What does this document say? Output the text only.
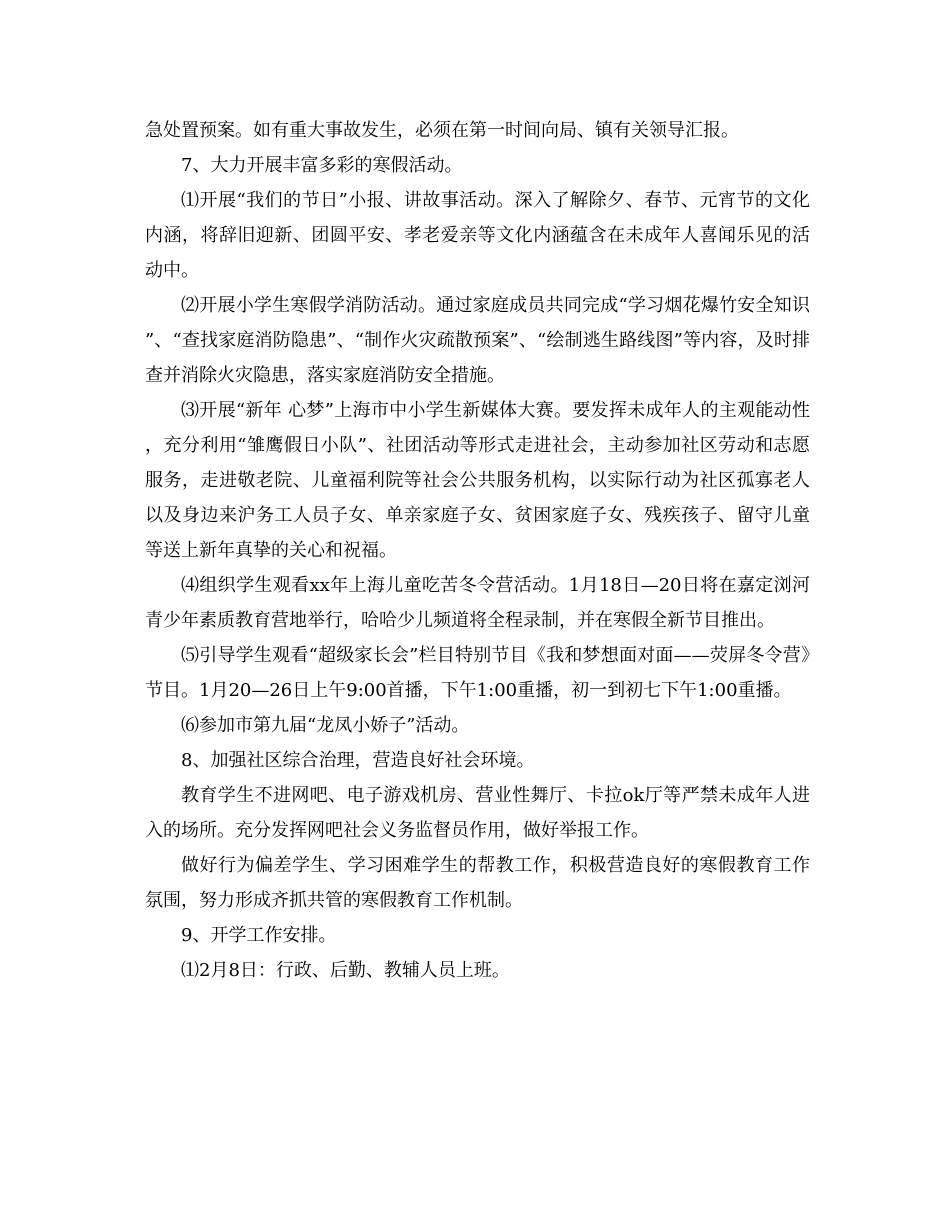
急处置预案。如有重大事故发生，必须在第一时间向局、镇有关领导汇报。

7、大力开展丰富多彩的寒假活动。

⑴开展“我们的节日”小报、讲故事活动。深入了解除夕、春节、元宵节的文化内涵，将辞旧迎新、团圆平安、孝老爱亲等文化内涵蕴含在未成年人喜闻乐见的活动中。

⑵开展小学生寒假学消防活动。通过家庭成员共同完成“学习烟花爆竹安全知识”、“查找家庭消防隐患”、“制作火灾疏散预案”、“绘制逃生路线图”等内容，及时排查并消除火灾隐患，落实家庭消防安全措施。

⑶开展“新年 心梦”上海市中小学生新媒体大赛。要发挥未成年人的主观能动性，充分利用“雏鹰假日小队”、社团活动等形式走进社会，主动参加社区劳动和志愿服务，走进敬老院、儿童福利院等社会公共服务机构，以实际行动为社区孤寡老人以及身边来沪务工人员子女、单亲家庭子女、贫困家庭子女、残疾孩子、留守儿童等送上新年真挚的关心和祝福。

⑷组织学生观看xx年上海儿童吃苦冬令营活动。1月18日—20日将在嘉定浏河青少年素质教育营地举行，哈哈少儿频道将全程录制，并在寒假全新节目推出。

⑸引导学生观看“超级家长会”栏目特别节目《我和梦想面对面——荧屏冬令营》节目。1月20—26日上午9:00首播，下午1:00重播，初一到初七下午1:00重播。

⑹参加市第九届“龙凤小娇子”活动。

8、加强社区综合治理，营造良好社会环境。

教育学生不进网吧、电子游戏机房、营业性舞厅、卡拉ok厅等严禁未成年人进入的场所。充分发挥网吧社会义务监督员作用，做好举报工作。

做好行为偏差学生、学习困难学生的帮教工作，积极营造良好的寒假教育工作氛围，努力形成齐抓共管的寒假教育工作机制。

9、开学工作安排。

⑴2月8日：行政、后勤、教辅人员上班。
